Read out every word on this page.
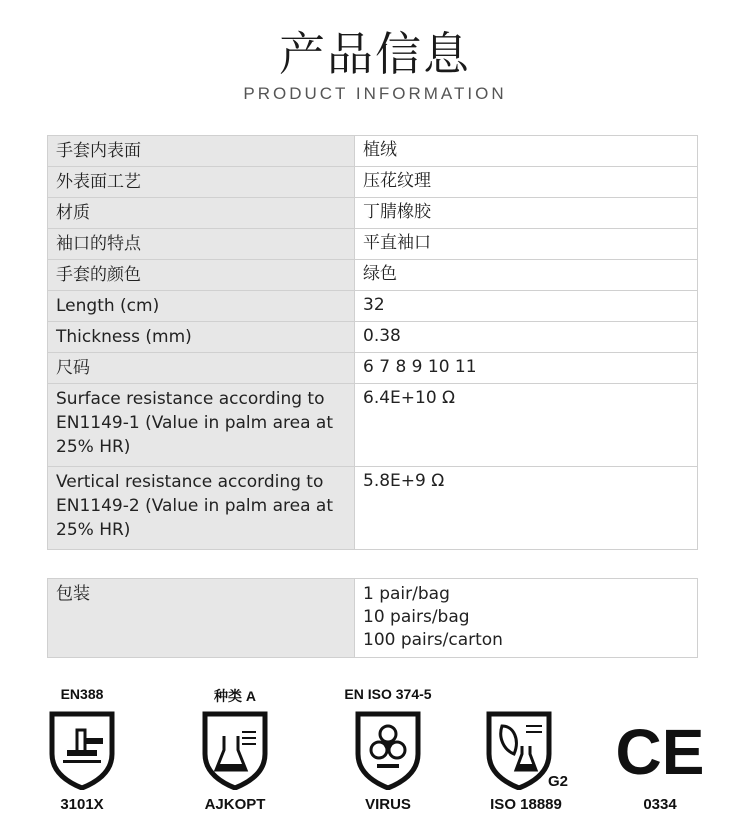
产品信息
PRODUCT INFORMATION
手套内表面	植绒
外表面工艺	压花纹理
材质	丁腈橡胶
袖口的特点	平直袖口
手套的颜色	绿色
Length (cm)	32
Thickness (mm)	0.38
尺码	6 7 8 9 10 11
Surface resistance according to EN1149-1 (Value in palm area at 25% HR)	6.4E+10 Ω
Vertical resistance according to EN1149-2 (Value in palm area at 25% HR)	5.8E+9 Ω
包装	1 pair/bag
10 pairs/bag
100 pairs/carton
EN388
3101X
种类 A
AJKOPT
EN ISO 374-5
VIRUS
G2
ISO 18889
CE
0334
